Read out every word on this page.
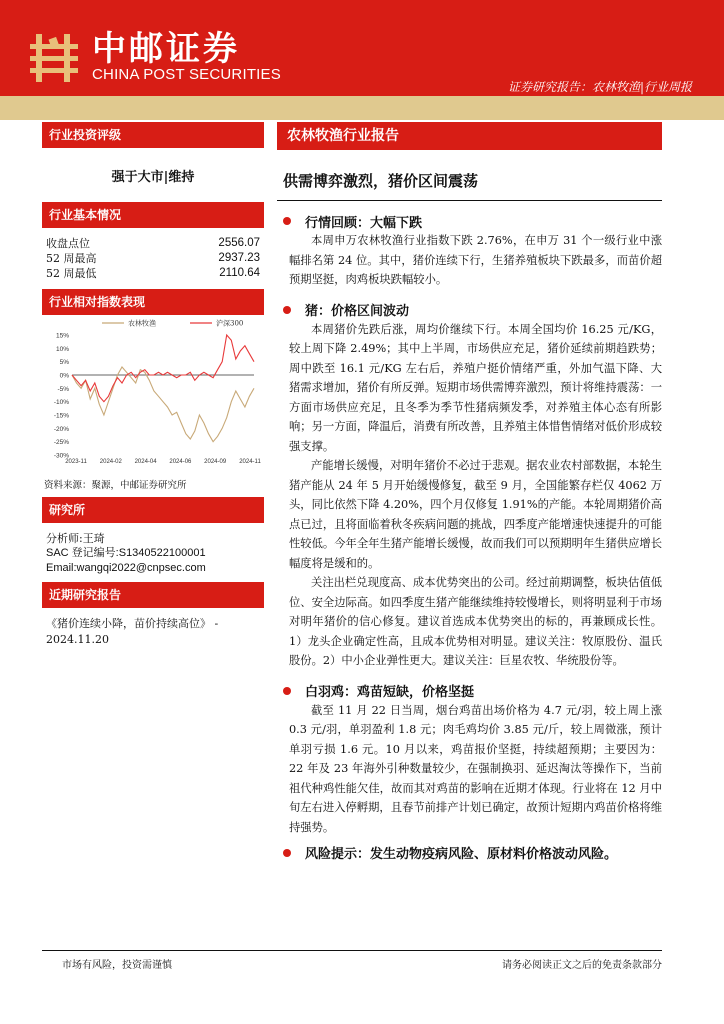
中邮证券
CHINA POST SECURITIES
证券研究报告：农林牧渔|行业周报
2024 年 11 月 24 日
行业投资评级
强于大市|维持
行业基本情况
收盘点位	2556.07
52 周最高	2937.23
52 周最低	2110.64
行业相对指数表现
15%
10%
5%
0%
-5%
-10%
-15%
-20%
-25%
-30%
2023-11 2024-02 2024-04 2024-06 2024-09 2024-11
农林牧渔	沪深300
资料来源：聚源，中邮证券研究所
研究所
分析师:王琦
SAC 登记编号:S1340522100001
Email:wangqi2022@cnpsec.com
近期研究报告
《猪价连续小降，苗价持续高位》 - 2024.11.20
农林牧渔行业报告
供需博弈激烈，猪价区间震荡
行情回顾：大幅下跌

本周申万农林牧渔行业指数下跌 2.76%，在申万 31 个一级行业中涨幅排名第 24 位。其中，猪价连续下行，生猪养殖板块下跌最多，而苗价超预期坚挺，肉鸡板块跌幅较小。

猪：价格区间波动

本周猪价先跌后涨，周均价继续下行。本周全国均价 16.25 元/KG，较上周下降 2.49%；其中上半周，市场供应充足，猪价延续前期趋跌势；周中跌至 16.1 元/KG 左右后，养殖户挺价情绪严重，外加气温下降、大猪需求增加，猪价有所反弹。短期市场供需博弈激烈，预计将维持震荡：一方面市场供应充足，且冬季为季节性猪病频发季，对养殖主体心态有所影响；另一方面，降温后，消费有所改善，且养殖主体惜售情绪对低价形成较强支撑。

产能增长缓慢，对明年猪价不必过于悲观。据农业农村部数据，本轮生猪产能从 24 年 5 月开始缓慢修复，截至 9 月，全国能繁存栏仅 4062 万头，同比依然下降 4.20%，四个月仅修复 1.91%的产能。本轮周期猪价高点已过，且将面临着秋冬疾病问题的挑战，四季度产能增速快速提升的可能性较低。今年全年生猪产能增长缓慢，故而我们可以预期明年生猪供应增长幅度将是缓和的。

关注出栏兑现度高、成本优势突出的公司。经过前期调整，板块估值低位、安全边际高。如四季度生猪产能继续维持较慢增长，则将明显利于市场对明年猪价的信心修复。建议首选成本优势突出的标的，再兼顾成长性。1）龙头企业确定性高，且成本优势相对明显。建议关注：牧原股份、温氏股份。2）中小企业弹性更大。建议关注：巨星农牧、华统股份等。

白羽鸡：鸡苗短缺，价格坚挺

截至 11 月 22 日当周，烟台鸡苗出场价格为 4.7 元/羽，较上周上涨 0.3 元/羽，单羽盈利 1.8 元；肉毛鸡均价 3.85 元/斤，较上周微涨，预计单羽亏损 1.6 元。10 月以来，鸡苗报价坚挺，持续超预期；主要因为：22 年及 23 年海外引种数量较少，在强制换羽、延迟淘汰等操作下，当前祖代种鸡性能欠佳，故而其对鸡苗的影响在近期才体现。行业将在 12 月中旬左右进入停孵期，且春节前排产计划已确定，故预计短期内鸡苗价格将维持强势。

风险提示：发生动物疫病风险、原材料价格波动风险。
市场有风险，投资需谨慎	请务必阅读正文之后的免责条款部分
